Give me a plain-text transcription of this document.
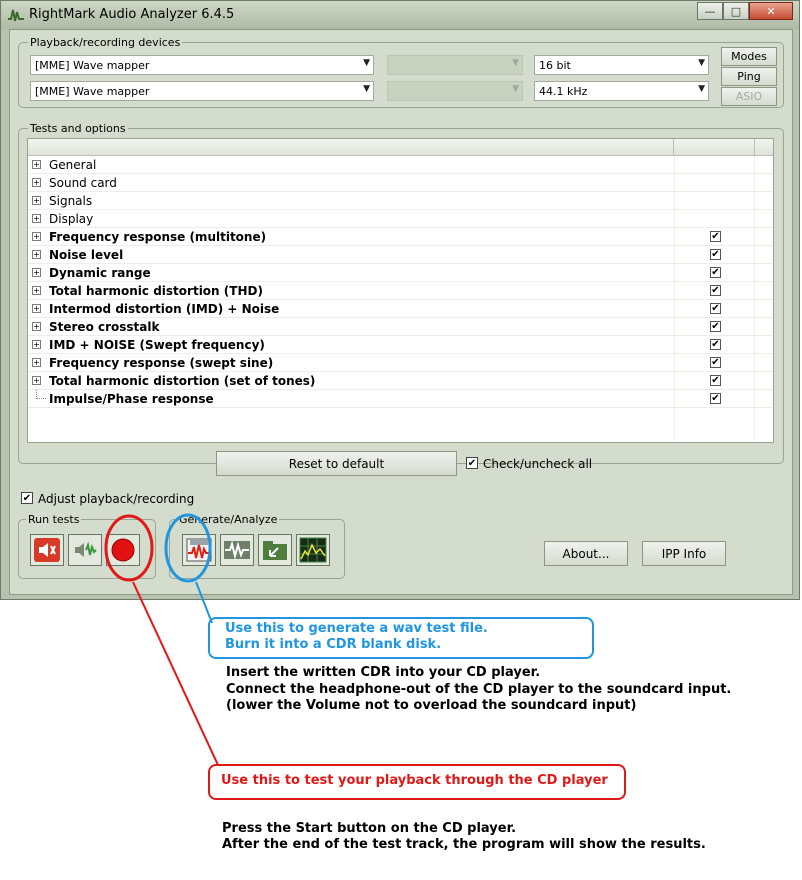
RightMark Audio Analyzer 6.4.5	—	□	✕
Playback/recording devices
[MME] Wave mapper	▼	▼	16 bit	▼
[MME] Wave mapper	▼	▼	44.1 kHz	▼
Modes
Ping
ASIO
Tests and options
+ General
+ Sound card
+ Signals
+ Display
+ Frequency response (multitone)	✔
+ Noise level	✔
+ Dynamic range	✔
+ Total harmonic distortion (THD)	✔
+ Intermod distortion (IMD) + Noise	✔
+ Stereo crosstalk	✔
+ IMD + NOISE (Swept frequency)	✔
+ Frequency response (swept sine)	✔
+ Total harmonic distortion (set of tones)	✔
Impulse/Phase response	✔
Reset to default	✔ Check/uncheck all
✔ Adjust playback/recording
Run tests	Generate/Analyze
About...	IPP Info
Use this to generate a wav test file.
Burn it into a CDR blank disk.
Insert the written CDR into your CD player.
Connect the headphone-out of the CD player to the soundcard input.
(lower the Volume not to overload the soundcard input)
Use this to test your playback through the CD player
Press the Start button on the CD player.
After the end of the test track, the program will show the results.
